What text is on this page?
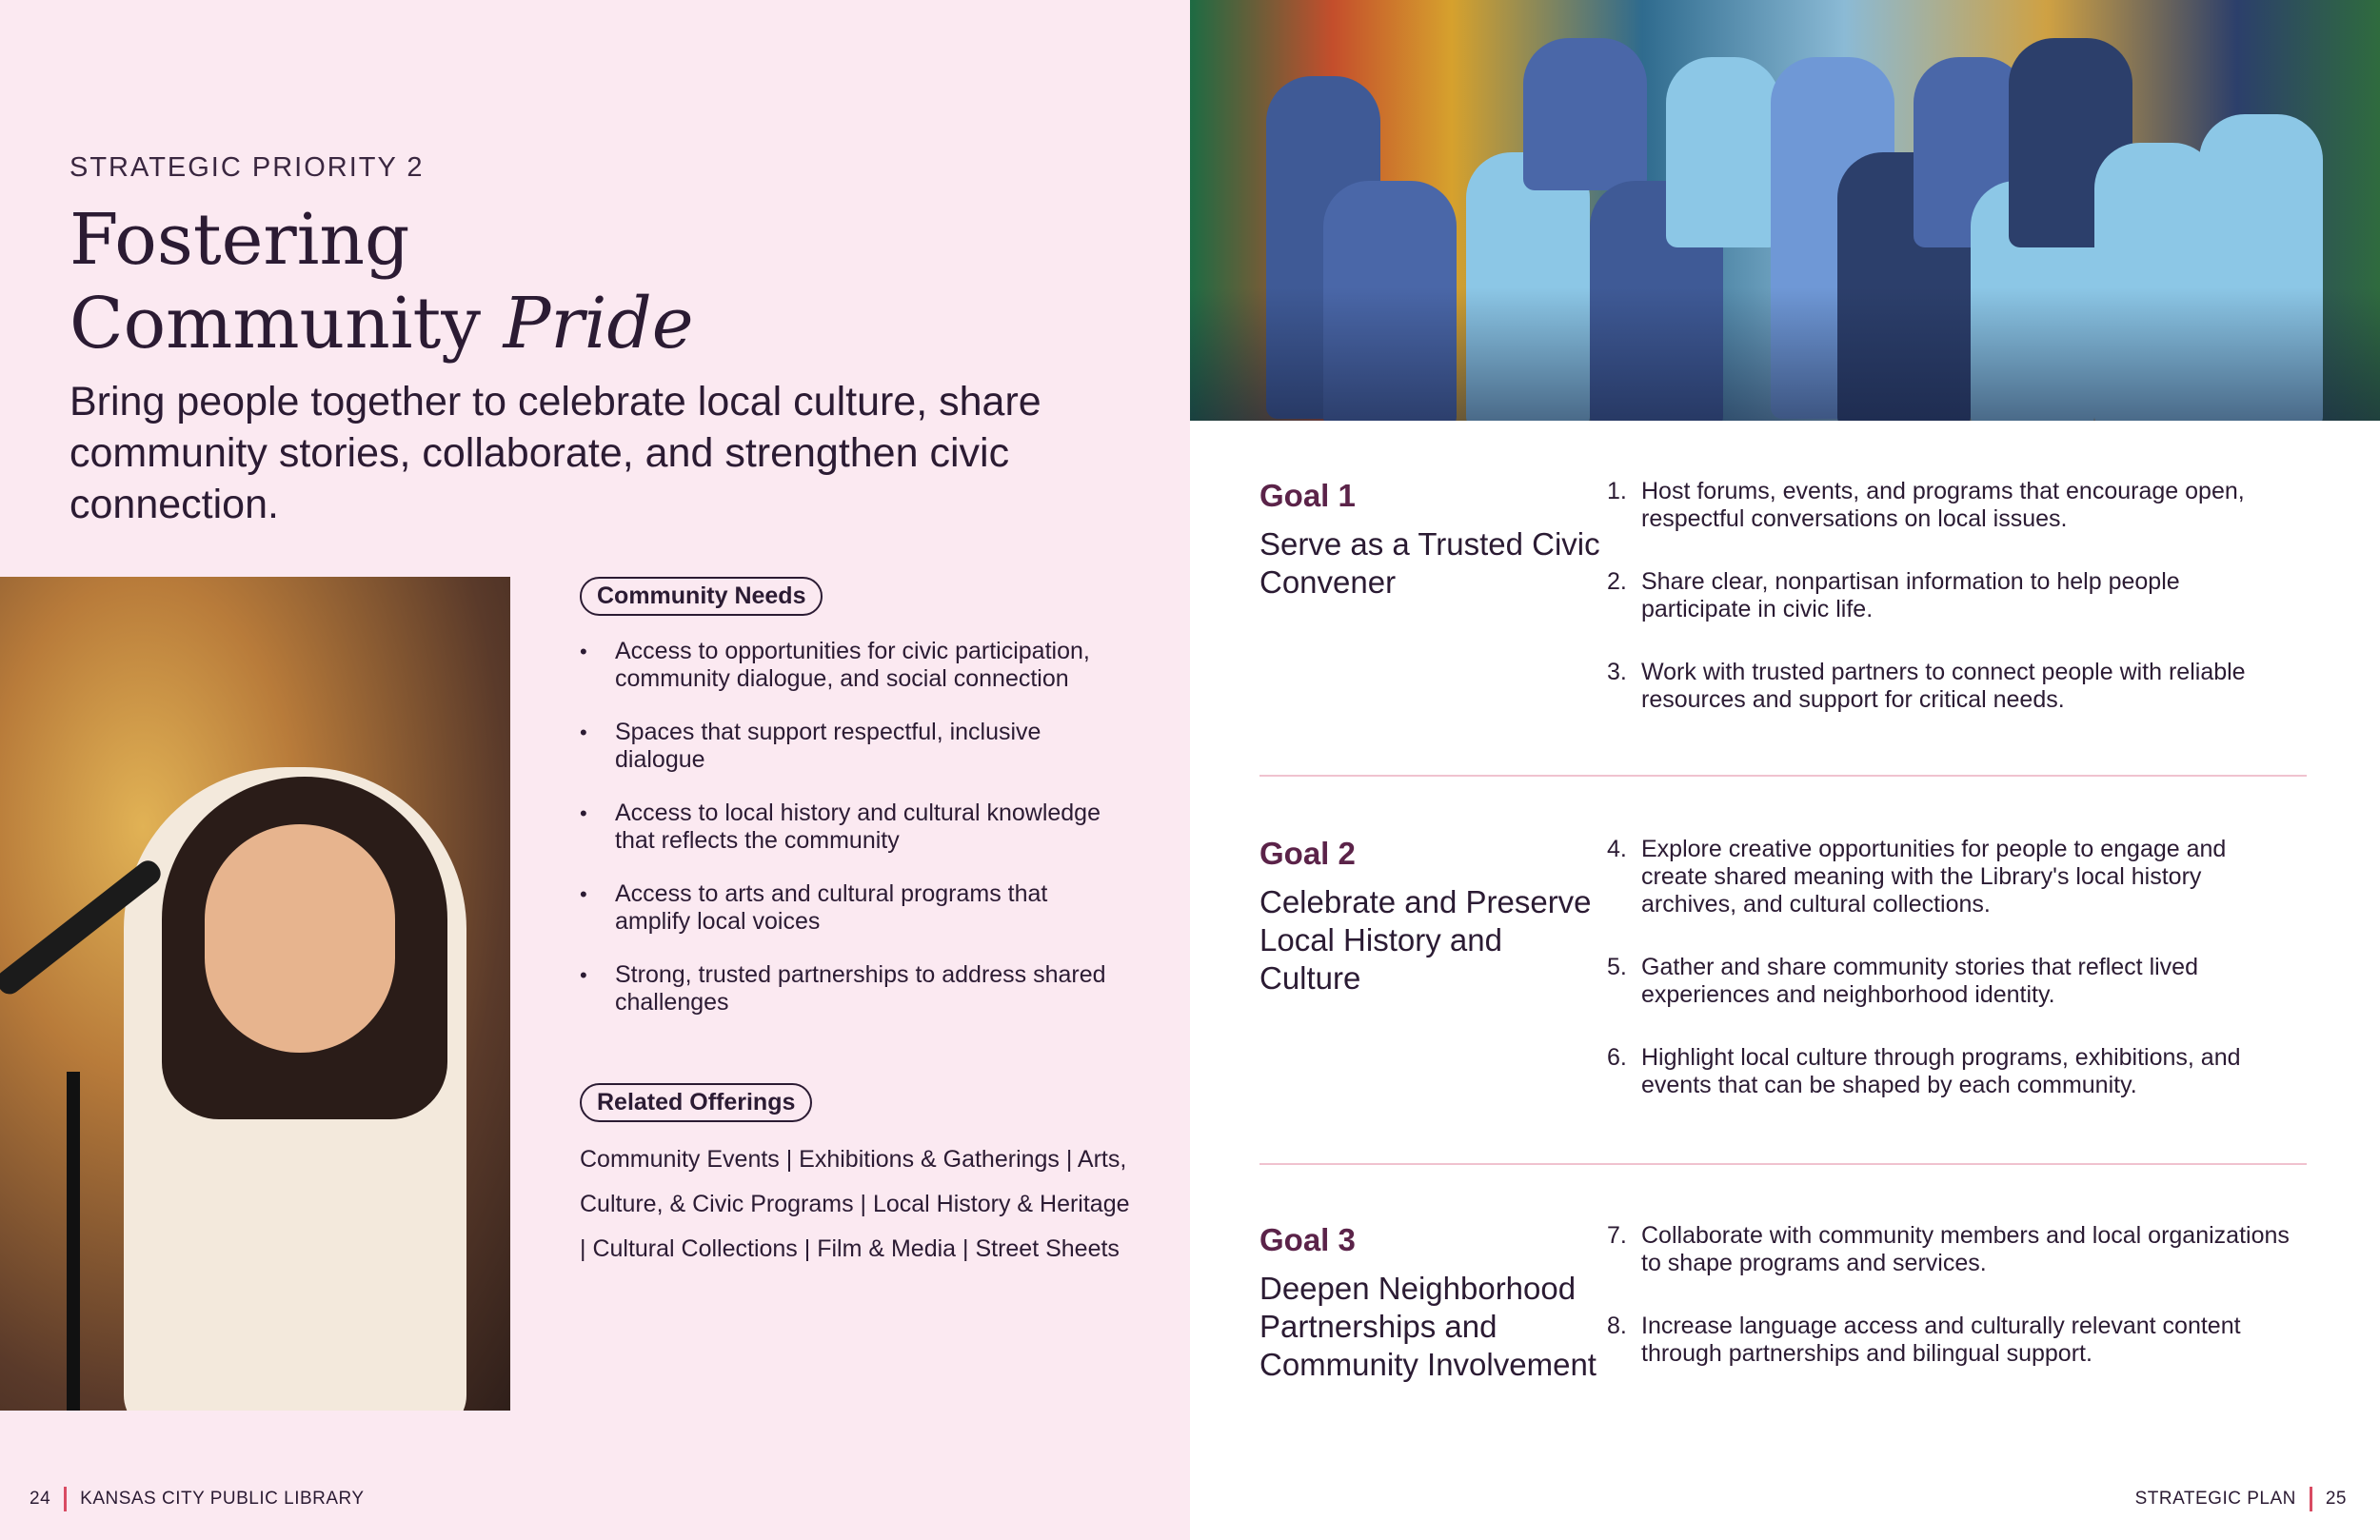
STRATEGIC PRIORITY 2
Fostering
Community Pride
Bring people together to celebrate local culture, share community stories, collaborate, and strengthen civic connection.
Community Needs
• Access to opportunities for civic participation, community dialogue, and social connection
• Spaces that support respectful, inclusive dialogue
• Access to local history and cultural knowledge that reflects the community
• Access to arts and cultural programs that amplify local voices
• Strong, trusted partnerships to address shared challenges
Related Offerings
Community Events | Exhibitions & Gatherings | Arts, Culture, & Civic Programs | Local History & Heritage | Cultural Collections | Film & Media | Street Sheets
24 KANSAS CITY PUBLIC LIBRARY
Goal 1
Serve as a Trusted Civic Convener
1. Host forums, events, and programs that encourage open, respectful conversations on local issues.
2. Share clear, nonpartisan information to help people participate in civic life.
3. Work with trusted partners to connect people with reliable resources and support for critical needs.
Goal 2
Celebrate and Preserve Local History and Culture
4. Explore creative opportunities for people to engage and create shared meaning with the Library's local history archives, and cultural collections.
5. Gather and share community stories that reflect lived experiences and neighborhood identity.
6. Highlight local culture through programs, exhibitions, and events that can be shaped by each community.
Goal 3
Deepen Neighborhood Partnerships and Community Involvement
7. Collaborate with community members and local organizations to shape programs and services.
8. Increase language access and culturally relevant content through partnerships and bilingual support.
STRATEGIC PLAN 25
